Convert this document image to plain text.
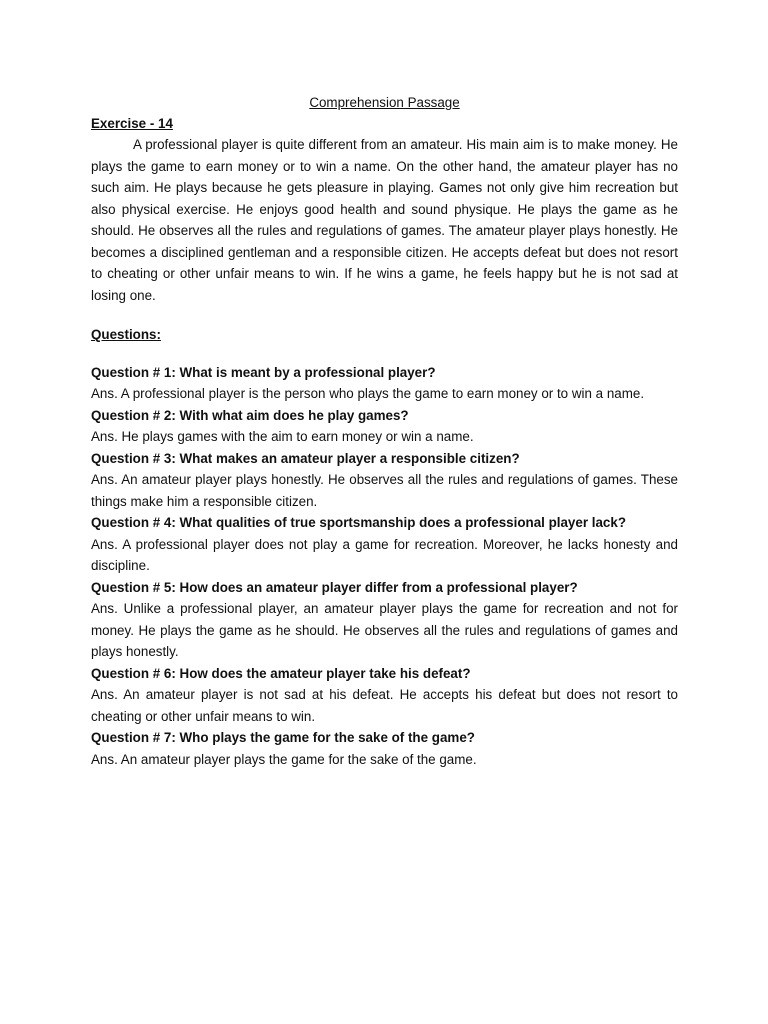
Comprehension Passage
Exercise - 14

A professional player is quite different from an amateur. His main aim is to make money. He plays the game to earn money or to win a name. On the other hand, the amateur player has no such aim. He plays because he gets pleasure in playing. Games not only give him recreation but also physical exercise. He enjoys good health and sound physique. He plays the game as he should. He observes all the rules and regulations of games. The amateur player plays honestly. He becomes a disciplined gentleman and a responsible citizen. He accepts defeat but does not resort to cheating or other unfair means to win. If he wins a game, he feels happy but he is not sad at losing one.

Questions:

Question # 1: What is meant by a professional player?

Ans. A professional player is the person who plays the game to earn money or to win a name.

Question # 2: With what aim does he play games?

Ans. He plays games with the aim to earn money or win a name.

Question # 3: What makes an amateur player a responsible citizen?

Ans. An amateur player plays honestly. He observes all the rules and regulations of games. These things make him a responsible citizen.

Question # 4: What qualities of true sportsmanship does a professional player lack?

Ans. A professional player does not play a game for recreation. Moreover, he lacks honesty and discipline.

Question # 5: How does an amateur player differ from a professional player?

Ans. Unlike a professional player, an amateur player plays the game for recreation and not for money. He plays the game as he should. He observes all the rules and regulations of games and plays honestly.

Question # 6: How does the amateur player take his defeat?

Ans. An amateur player is not sad at his defeat. He accepts his defeat but does not resort to cheating or other unfair means to win.

Question # 7: Who plays the game for the sake of the game?

Ans. An amateur player plays the game for the sake of the game.
